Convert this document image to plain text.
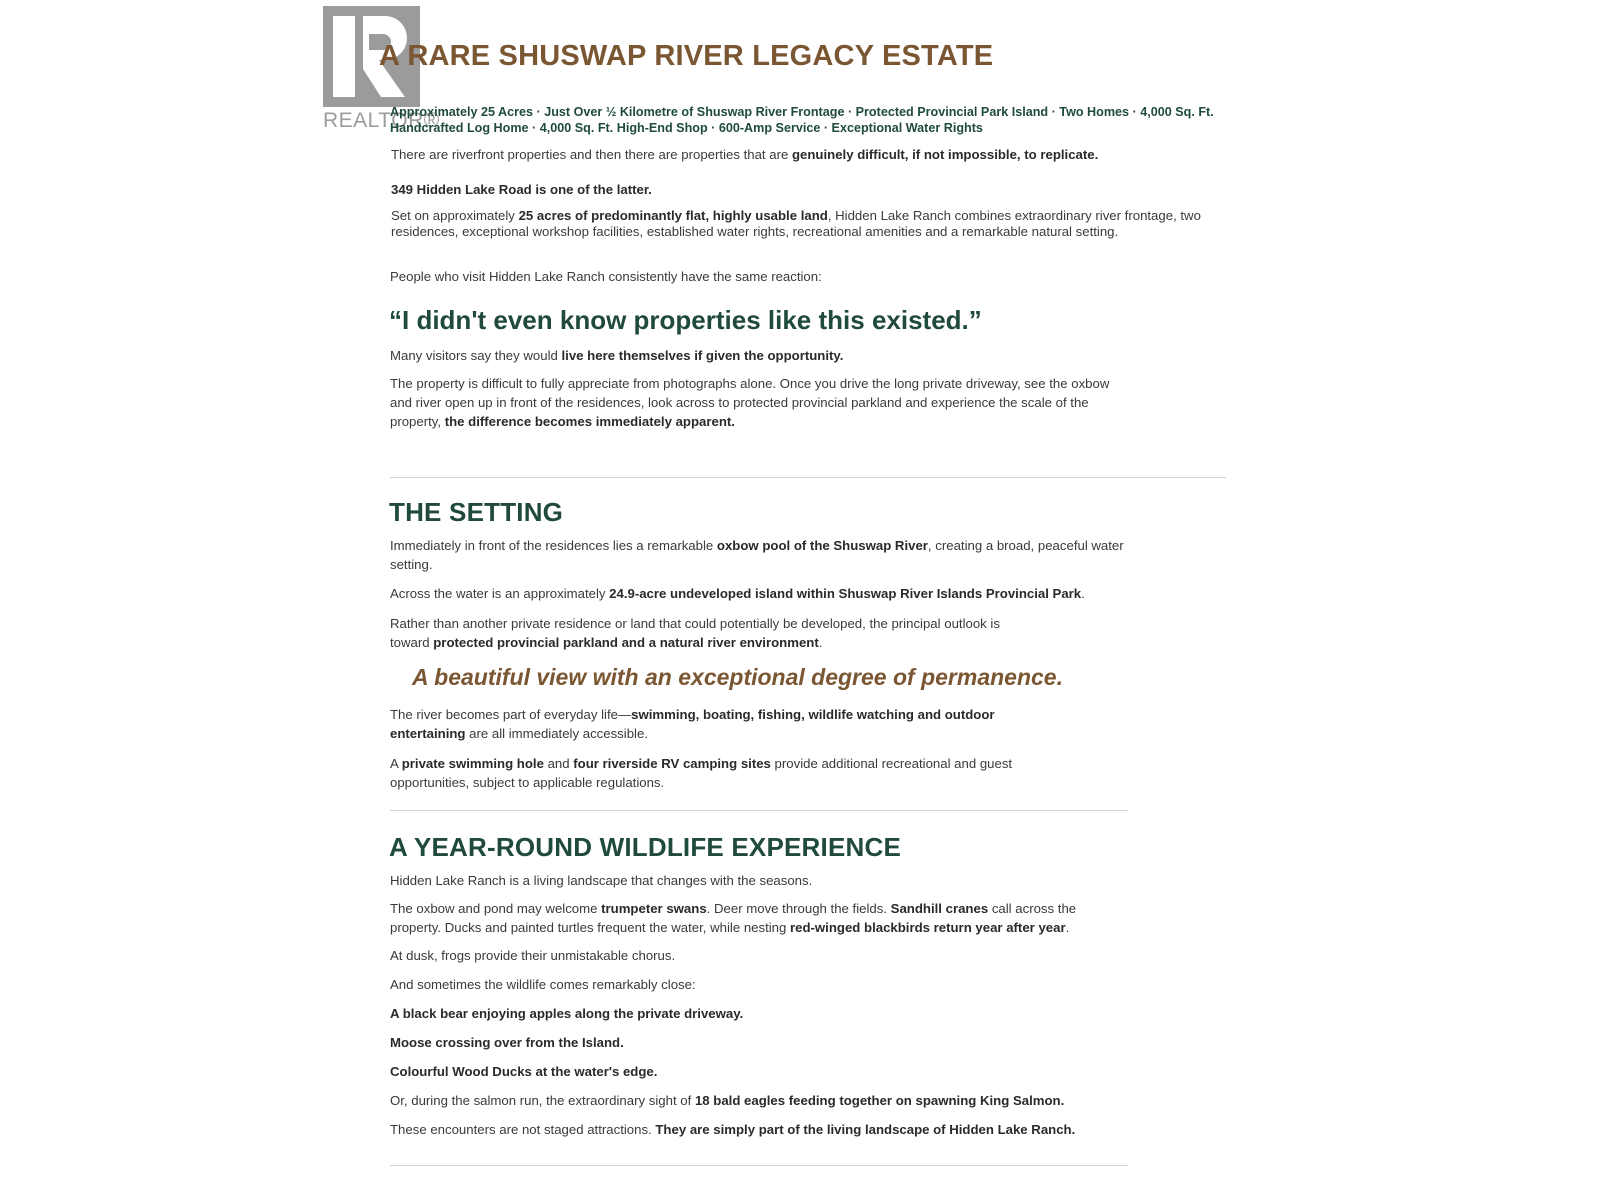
REALTOR®
A RARE SHUSWAP RIVER LEGACY ESTATE
Approximately 25 Acres · Just Over ½ Kilometre of Shuswap River Frontage · Protected Provincial Park Island · Two Homes · 4,000 Sq. Ft. Handcrafted Log Home · 4,000 Sq. Ft. High-End Shop · 600-Amp Service · Exceptional Water Rights

There are riverfront properties and then there are properties that are genuinely difficult, if not impossible, to replicate.

349 Hidden Lake Road is one of the latter.

Set on approximately 25 acres of predominantly flat, highly usable land, Hidden Lake Ranch combines extraordinary river frontage, two residences, exceptional workshop facilities, established water rights, recreational amenities and a remarkable natural setting.

People who visit Hidden Lake Ranch consistently have the same reaction:

“I didn't even know properties like this existed.”

Many visitors say they would live here themselves if given the opportunity.

The property is difficult to fully appreciate from photographs alone. Once you drive the long private driveway, see the oxbow and river open up in front of the residences, look across to protected provincial parkland and experience the scale of the property, the difference becomes immediately apparent.

THE SETTING

Immediately in front of the residences lies a remarkable oxbow pool of the Shuswap River, creating a broad, peaceful water setting.

Across the water is an approximately 24.9-acre undeveloped island within Shuswap River Islands Provincial Park.

Rather than another private residence or land that could potentially be developed, the principal outlook is toward protected provincial parkland and a natural river environment.

A beautiful view with an exceptional degree of permanence.

The river becomes part of everyday life—swimming, boating, fishing, wildlife watching and outdoor entertaining are all immediately accessible.

A private swimming hole and four riverside RV camping sites provide additional recreational and guest opportunities, subject to applicable regulations.

A YEAR-ROUND WILDLIFE EXPERIENCE

Hidden Lake Ranch is a living landscape that changes with the seasons.

The oxbow and pond may welcome trumpeter swans. Deer move through the fields. Sandhill cranes call across the property. Ducks and painted turtles frequent the water, while nesting red-winged blackbirds return year after year.

At dusk, frogs provide their unmistakable chorus.

And sometimes the wildlife comes remarkably close:

A black bear enjoying apples along the private driveway.

Moose crossing over from the Island.

Colourful Wood Ducks at the water's edge.

Or, during the salmon run, the extraordinary sight of 18 bald eagles feeding together on spawning King Salmon.

These encounters are not staged attractions. They are simply part of the living landscape of Hidden Lake Ranch.
